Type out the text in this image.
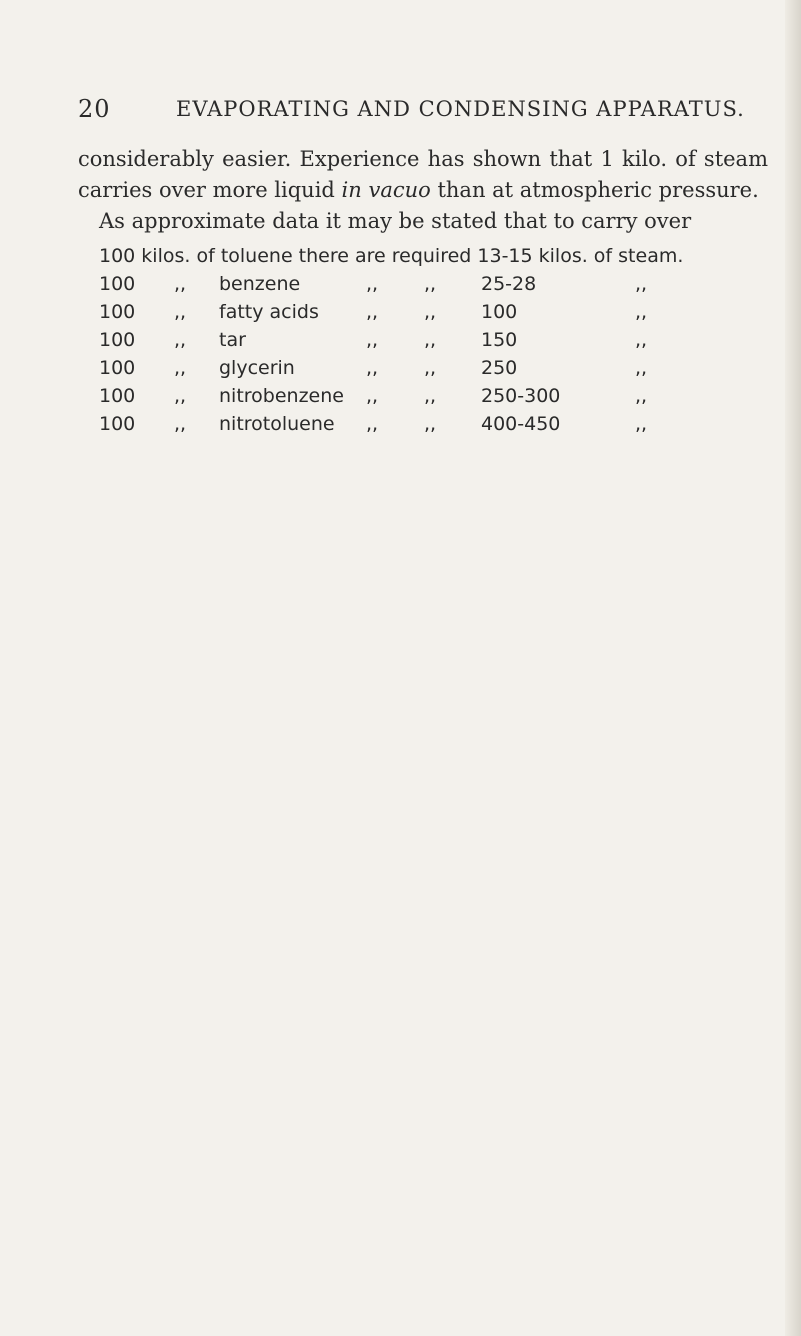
20	EVAPORATING AND CONDENSING APPARATUS.
considerably easier. Experience has shown that 1 kilo. of steam
carries over more liquid in vacuo than at atmospheric pressure.
As approximate data it may be stated that to carry over
100 kilos. of toluene there are required 13-15 kilos. of steam.
100 ,, benzene	,, ,, 25-28	,,
100 ,, fatty acids ,, ,, 100	,,
100 ,, tar	,, ,, 150	,,
100 ,, glycerin	,, ,, 250	,,
100 ,, nitrobenzene ,, ,, 250-300	,,
100 ,, nitrotoluene ,, ,, 400-450	,,
